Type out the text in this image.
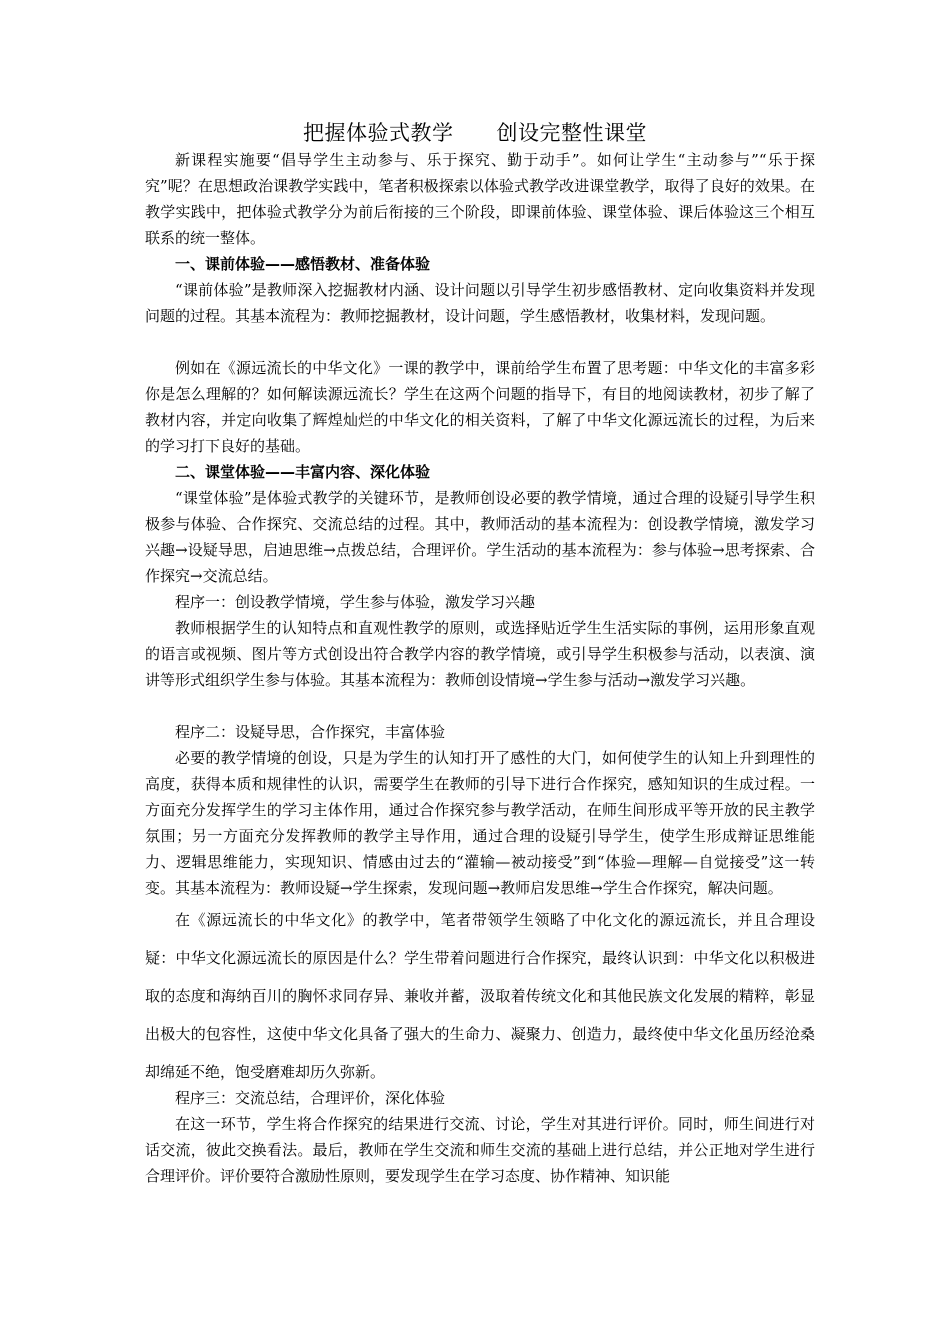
把握体验式教学　　创设完整性课堂

新课程实施要“倡导学生主动参与、乐于探究、勤于动手”。如何让学生“主动参与”“乐于探究”呢？在思想政治课教学实践中，笔者积极探索以体验式教学改进课堂教学，取得了良好的效果。在教学实践中，把体验式教学分为前后衔接的三个阶段，即课前体验、课堂体验、课后体验这三个相互联系的统一整体。

一、课前体验——感悟教材、准备体验

“课前体验”是教师深入挖掘教材内涵、设计问题以引导学生初步感悟教材、定向收集资料并发现问题的过程。其基本流程为：教师挖掘教材，设计问题，学生感悟教材，收集材料，发现问题。

例如在《源远流长的中华文化》一课的教学中，课前给学生布置了思考题：中华文化的丰富多彩你是怎么理解的？如何解读源远流长？学生在这两个问题的指导下，有目的地阅读教材，初步了解了教材内容，并定向收集了辉煌灿烂的中华文化的相关资料，了解了中华文化源远流长的过程，为后来的学习打下良好的基础。

二、课堂体验——丰富内容、深化体验

“课堂体验”是体验式教学的关键环节，是教师创设必要的教学情境，通过合理的设疑引导学生积极参与体验、合作探究、交流总结的过程。其中，教师活动的基本流程为：创设教学情境，激发学习兴趣→设疑导思，启迪思维→点拨总结，合理评价。学生活动的基本流程为：参与体验→思考探索、合作探究→交流总结。

程序一：创设教学情境，学生参与体验，激发学习兴趣

教师根据学生的认知特点和直观性教学的原则，或选择贴近学生生活实际的事例，运用形象直观的语言或视频、图片等方式创设出符合教学内容的教学情境，或引导学生积极参与活动，以表演、演讲等形式组织学生参与体验。其基本流程为：教师创设情境→学生参与活动→激发学习兴趣。

程序二：设疑导思，合作探究，丰富体验

必要的教学情境的创设，只是为学生的认知打开了感性的大门，如何使学生的认知上升到理性的高度，获得本质和规律性的认识，需要学生在教师的引导下进行合作探究，感知知识的生成过程。一方面充分发挥学生的学习主体作用，通过合作探究参与教学活动，在师生间形成平等开放的民主教学氛围；另一方面充分发挥教师的教学主导作用，通过合理的设疑引导学生，使学生形成辩证思维能力、逻辑思维能力，实现知识、情感由过去的“灌输—被动接受”到“体验—理解—自觉接受”这一转变。其基本流程为：教师设疑→学生探索，发现问题→教师启发思维→学生合作探究，解决问题。

在《源远流长的中华文化》的教学中，笔者带领学生领略了中化文化的源远流长，并且合理设疑：中华文化源远流长的原因是什么？学生带着问题进行合作探究，最终认识到：中华文化以积极进取的态度和海纳百川的胸怀求同存异、兼收并蓄，汲取着传统文化和其他民族文化发展的精粹，彰显出极大的包容性，这使中华文化具备了强大的生命力、凝聚力、创造力，最终使中华文化虽历经沧桑却绵延不绝，饱受磨难却历久弥新。

程序三：交流总结，合理评价，深化体验

在这一环节，学生将合作探究的结果进行交流、讨论，学生对其进行评价。同时，师生间进行对话交流，彼此交换看法。最后，教师在学生交流和师生交流的基础上进行总结，并公正地对学生进行合理评价。评价要符合激励性原则，要发现学生在学习态度、协作精神、知识能
